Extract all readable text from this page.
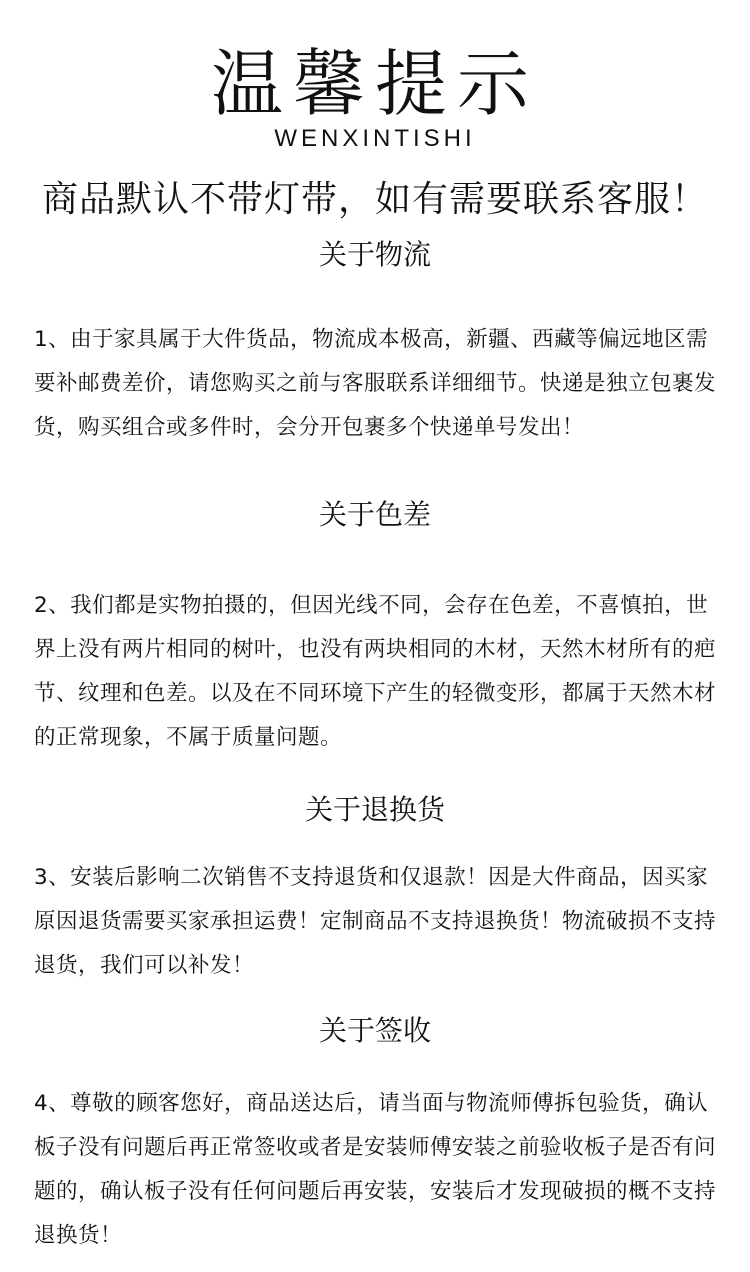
温馨提示
WENXINTISHI
商品默认不带灯带，如有需要联系客服！
关于物流
1、由于家具属于大件货品，物流成本极高，新疆、西藏等偏远地区需要补邮费差价，请您购买之前与客服联系详细细节。快递是独立包裹发货，购买组合或多件时，会分开包裹多个快递单号发出！
关于色差
2、我们都是实物拍摄的，但因光线不同，会存在色差，不喜慎拍，世界上没有两片相同的树叶，也没有两块相同的木材，天然木材所有的疤节、纹理和色差。以及在不同环境下产生的轻微变形，都属于天然木材的正常现象，不属于质量问题。
关于退换货
3、安装后影响二次销售不支持退货和仅退款！因是大件商品，因买家原因退货需要买家承担运费！定制商品不支持退换货！物流破损不支持退货，我们可以补发！
关于签收
4、尊敬的顾客您好，商品送达后，请当面与物流师傅拆包验货，确认板子没有问题后再正常签收或者是安装师傅安装之前验收板子是否有问题的，确认板子没有任何问题后再安装，安装后才发现破损的概不支持退换货！
